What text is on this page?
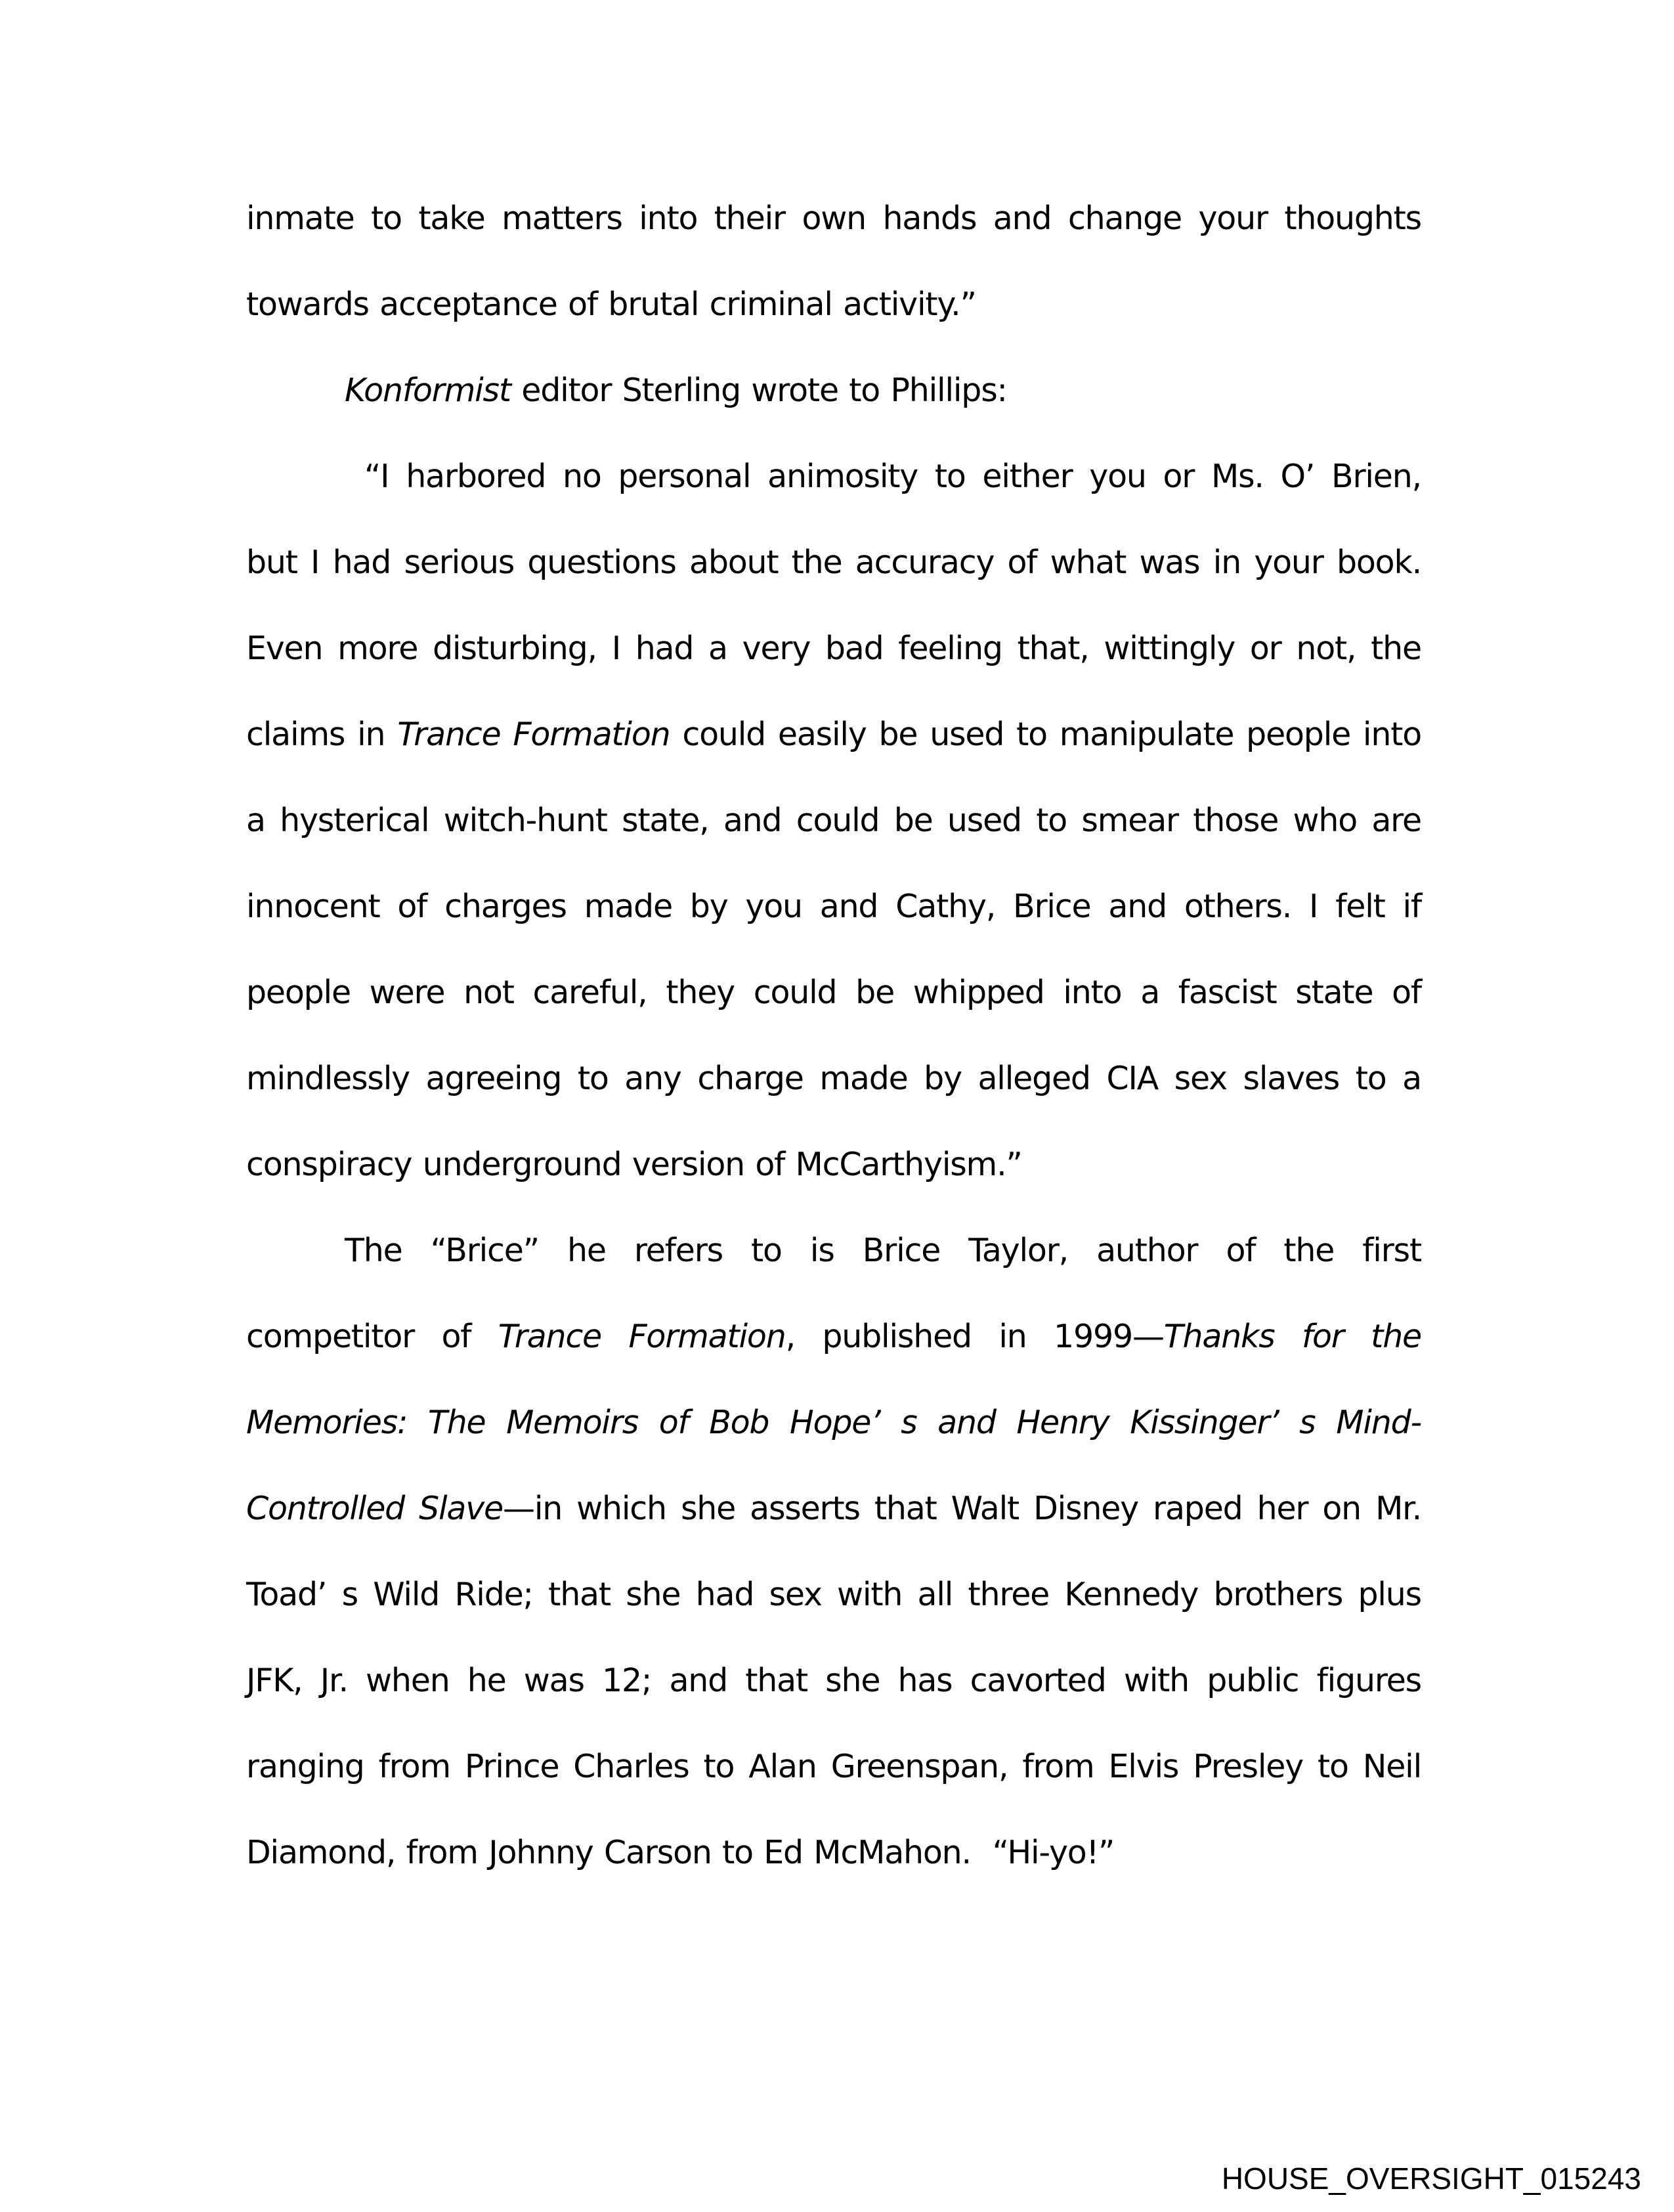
inmate to take matters into their own hands and change your thoughts
towards acceptance of brutal criminal activity.”
Konformist editor Sterling wrote to Phillips:
“I harbored no personal animosity to either you or Ms. O’ Brien,
but I had serious questions about the accuracy of what was in your book.
Even more disturbing, I had a very bad feeling that, wittingly or not, the
claims in Trance Formation could easily be used to manipulate people into
a hysterical witch-hunt state, and could be used to smear those who are
innocent of charges made by you and Cathy, Brice and others. I felt if
people were not careful, they could be whipped into a fascist state of
mindlessly agreeing to any charge made by alleged CIA sex slaves to a
conspiracy underground version of McCarthyism.”
The “Brice” he refers to is Brice Taylor, author of the first
competitor of Trance Formation, published in 1999—Thanks for the
Memories: The Memoirs of Bob Hope’ s and Henry Kissinger’ s Mind-
Controlled Slave—in which she asserts that Walt Disney raped her on Mr.
Toad’ s Wild Ride; that she had sex with all three Kennedy brothers plus
JFK, Jr. when he was 12; and that she has cavorted with public figures
ranging from Prince Charles to Alan Greenspan, from Elvis Presley to Neil
Diamond, from Johnny Carson to Ed McMahon.  “Hi-yo!”
HOUSE_OVERSIGHT_015243
